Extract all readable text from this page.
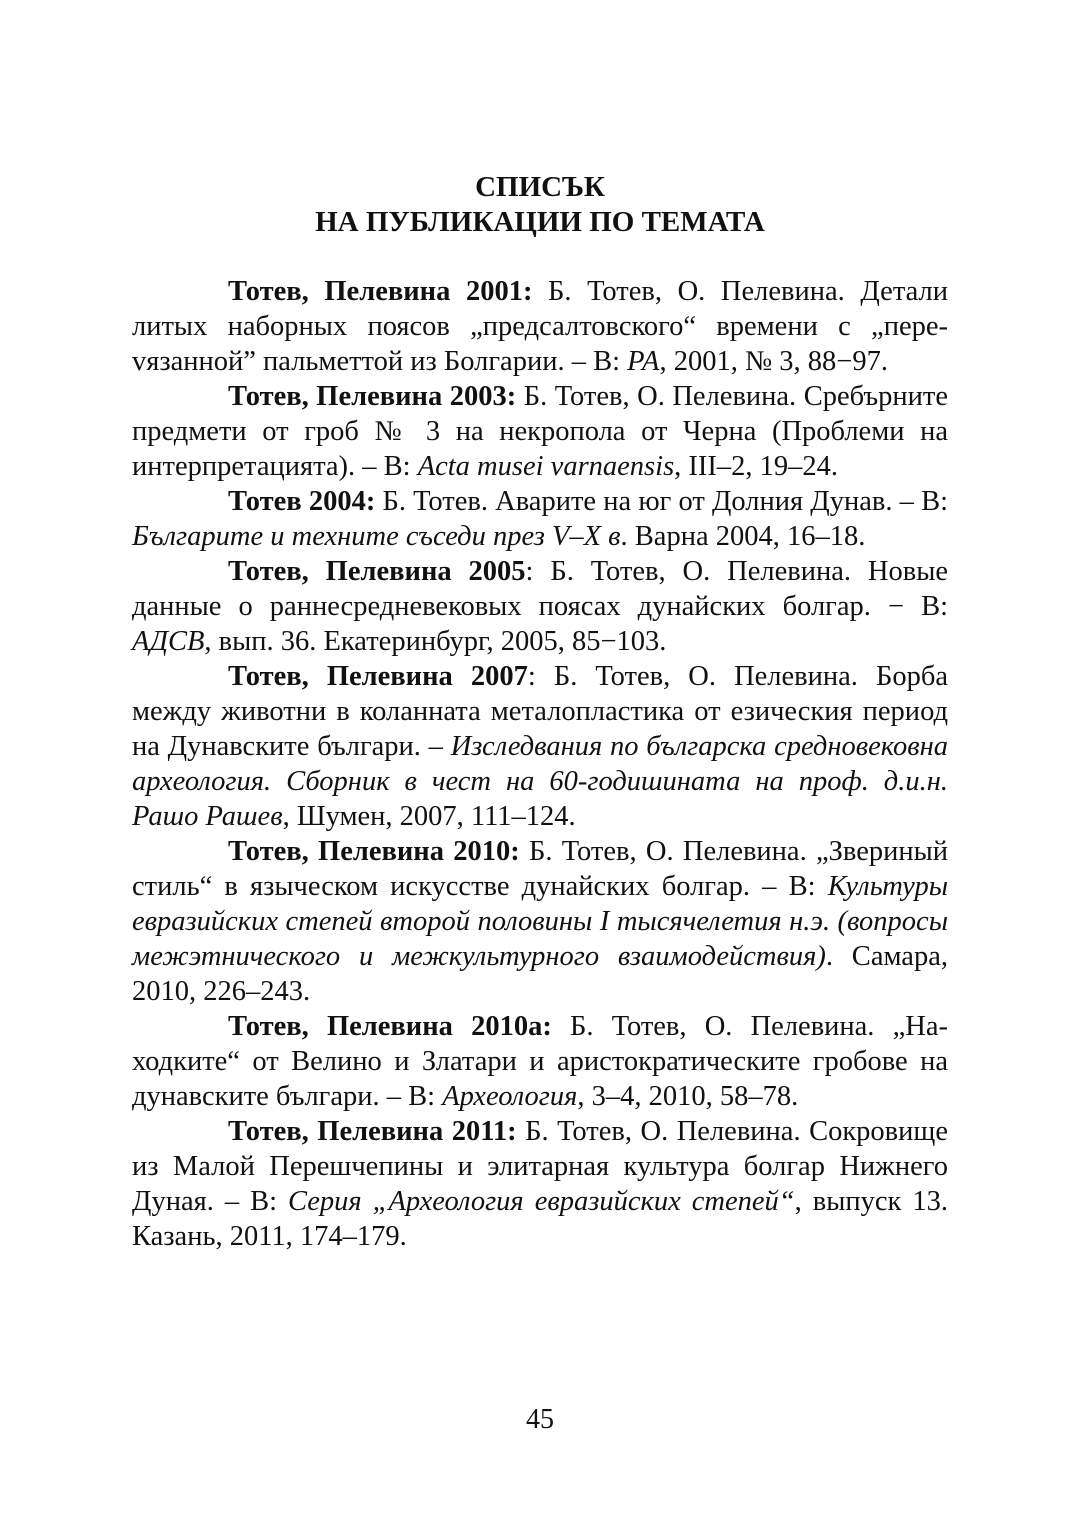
СПИСЪК
НА ПУБЛИКАЦИИ ПО ТЕМАТА

Тотев, Пелевина 2001: Б. Тотев, О. Пелевина. Детали литых наборных поясов „предсалтовского“ времени с „переvязанной” пальметтой из Болгарии. – В: РА, 2001, № 3, 88−97.

Тотев, Пелевина 2003: Б. Тотев, О. Пелевина. Сребърните предмети от гроб № 3 на некропола от Черна (Проблеми на интерпретацията). – В: Acta musei varnaensis, III–2, 19–24.

Тотев 2004: Б. Тотев. Аварите на юг от Долния Дунав. – В: Българите и техните съседи през V–X в. Варна 2004, 16–18.

Тотев, Пелевина 2005: Б. Тотев, О. Пелевина. Новые данные о раннесредневековых поясах дунайских болгар. − В: АДСВ, вып. 36. Екатеринбург, 2005, 85−103.

Тотев, Пелевина 2007: Б. Тотев, О. Пелевина. Борба между животни в коланната металопластика от езическия период на Дунавските българи. – Изследвания по българска средновековна археология. Сборник в чест на 60-годишината на проф. д.и.н. Рашо Рашев, Шумен, 2007, 111–124.

Тотев, Пелевина 2010: Б. Тотев, О. Пелевина. „Звериный стиль“ в языческом искусстве дунайских болгар. – В: Культуры евразийских степей второй половины I тысячелетия н.э. (вопросы межэтнического и межкультурного взаимодействия). Самара, 2010, 226–243.

Тотев, Пелевина 2010а: Б. Тотев, О. Пелевина. „Находките“ от Велино и Златари и аристократическите гробове на дунавските българи. – В: Археология, 3–4, 2010, 58–78.

Тотев, Пелевина 2011: Б. Тотев, О. Пелевина. Сокровище из Малой Перешчепины и элитарная культура болгар Нижнего Дуная. – В: Серия „Археология евразийских степей“, выпуск 13. Казань, 2011, 174–179.

45
